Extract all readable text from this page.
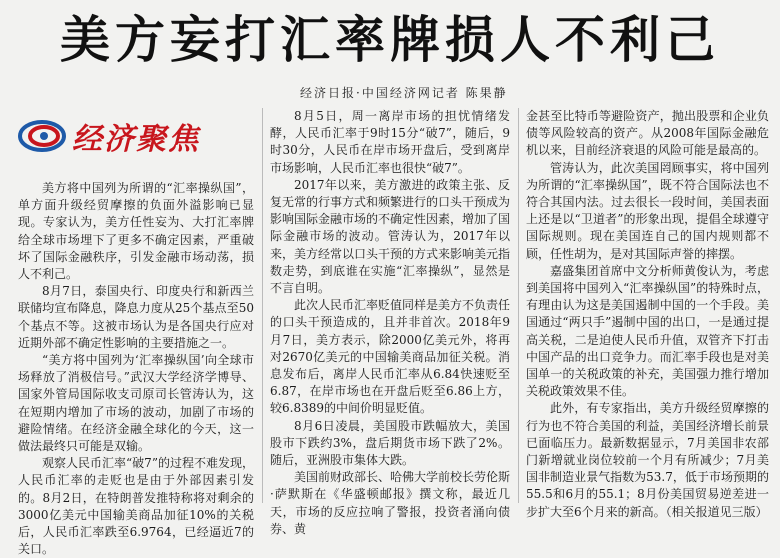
美方妄打汇率牌损人不利己
经济日报·中国经济网记者 陈果静
经济聚焦

美方将中国列为所谓的“汇率操纵国”，单方面升级经贸摩擦的负面外溢影响已显现。专家认为，美方任性妄为、大打汇率牌给全球市场埋下了更多不确定因素，严重破坏了国际金融秩序，引发金融市场动荡，损人不利己。

8月7日，泰国央行、印度央行和新西兰联储均宣布降息，降息力度从25个基点至50个基点不等。这被市场认为是各国央行应对近期外部不确定性影响的主要措施之一。

“美方将中国列为‘汇率操纵国’向全球市场释放了消极信号。”武汉大学经济学博导、国家外管局国际收支司原司长管涛认为，这在短期内增加了市场的波动，加剧了市场的避险情绪。在经济金融全球化的今天，这一做法最终只可能是双输。

观察人民币汇率“破7”的过程不难发现，人民币汇率的走贬也是由于外部因素引发的。8月2日，在特朗普发推特称将对剩余的3000亿美元中国输美商品加征10%的关税后，人民币汇率跌至6.9764，已经逼近7的关口。

8月5日，周一离岸市场的担忧情绪发酵，人民币汇率于9时15分“破7”，随后，9时30分，人民币在岸市场开盘后，受到离岸市场影响，人民币汇率也很快“破7”。

2017年以来，美方激进的政策主张、反复无常的行事方式和频繁进行的口头干预成为影响国际金融市场的不确定性因素，增加了国际金融市场的波动。管涛认为，2017年以来，美方经常以口头干预的方式来影响美元指数走势，到底谁在实施“汇率操纵”，显然是不言自明。

此次人民币汇率贬值同样是美方不负责任的口头干预造成的，且并非首次。2018年9月7日，美方表示，除2000亿美元外，将再对2670亿美元的中国输美商品加征关税。消息发布后，离岸人民币汇率从6.84快速贬至6.87，在岸市场也在开盘后贬至6.86上方，较6.8389的中间价明显贬值。

8月6日凌晨，美国股市跌幅放大，美国股市下跌约3%，盘后期货市场下跌了2%。随后，亚洲股市集体大跌。

美国前财政部长、哈佛大学前校长劳伦斯·萨默斯在《华盛顿邮报》撰文称，最近几天，市场的反应拉响了警报，投资者涌向债券、黄

金甚至比特币等避险资产，抛出股票和企业负债等风险较高的资产。从2008年国际金融危机以来，目前经济衰退的风险可能是最高的。

管涛认为，此次美国罔顾事实，将中国列为所谓的“汇率操纵国”，既不符合国际法也不符合其国内法。过去很长一段时间，美国表面上还是以“卫道者”的形象出现，提倡全球遵守国际规则。现在美国连自己的国内规则都不顾，任性胡为，是对其国际声誉的摔摆。

嘉盛集团首席中文分析师黄俊认为，考虑到美国将中国列入“汇率操纵国”的特殊时点，有理由认为这是美国遏制中国的一个手段。美国通过“两只手”遏制中国的出口，一是通过提高关税，二是迫使人民币升值，双管齐下打击中国产品的出口竞争力。而汇率手段也是对美国单一的关税政策的补充，美国强力推行增加关税政策效果不佳。

此外，有专家指出，美方升级经贸摩擦的行为也不符合美国的利益，美国经济增长前景已面临压力。最新数据显示，7月美国非农部门新增就业岗位较前一个月有所减少；7月美国非制造业景气指数为53.7，低于市场预期的55.5和6月的55.1；8月份美国贸易逆差进一步扩大至6个月来的新高。（相关报道见三版）
